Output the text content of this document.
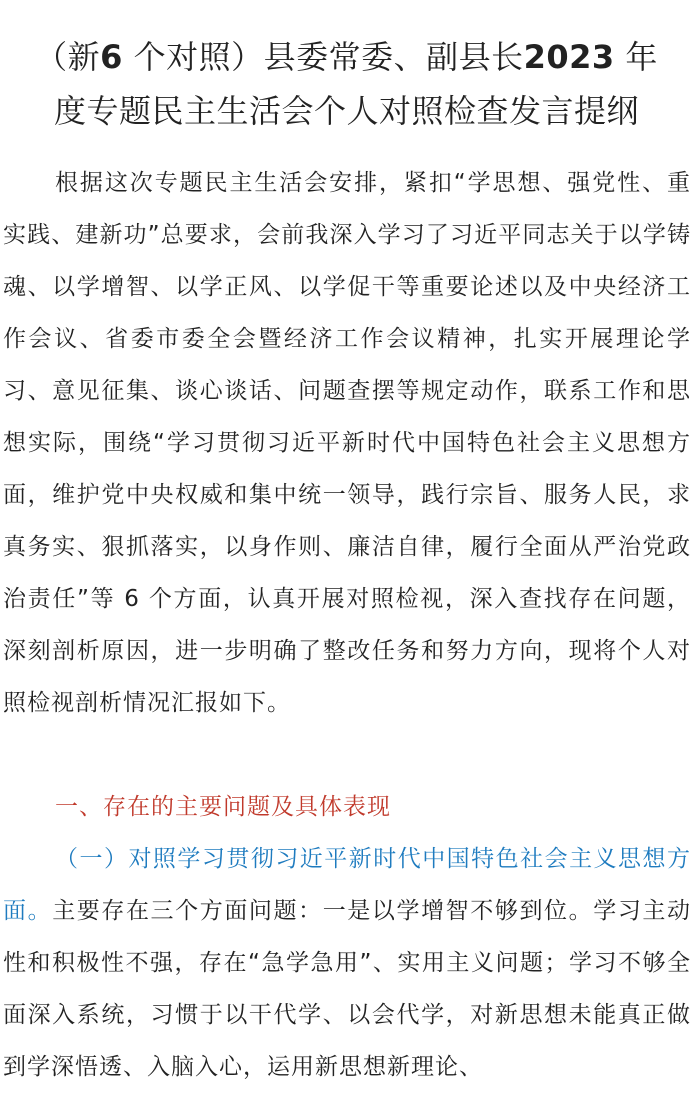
（新6 个对照）县委常委、副县长2023 年
度专题民主生活会个人对照检查发言提纲

根据这次专题民主生活会安排，紧扣“学思想、强党性、重实践、建新功”总要求，会前我深入学习了习近平同志关于以学铸魂、以学增智、以学正风、以学促干等重要论述以及中央经济工作会议、省委市委全会暨经济工作会议精神，扎实开展理论学习、意见征集、谈心谈话、问题查摆等规定动作，联系工作和思想实际，围绕“学习贯彻习近平新时代中国特色社会主义思想方面，维护党中央权威和集中统一领导，践行宗旨、服务人民，求真务实、狠抓落实，以身作则、廉洁自律，履行全面从严治党政治责任”等 6 个方面，认真开展对照检视，深入查找存在问题，深刻剖析原因，进一步明确了整改任务和努力方向，现将个人对照检视剖析情况汇报如下。

一、存在的主要问题及具体表现

（一）对照学习贯彻习近平新时代中国特色社会主义思想方面。主要存在三个方面问题：一是以学增智不够到位。学习主动性和积极性不强，存在“急学急用”、实用主义问题；学习不够全面深入系统，习惯于以干代学、以会代学，对新思想未能真正做到学深悟透、入脑入心，运用新思想新理论、
